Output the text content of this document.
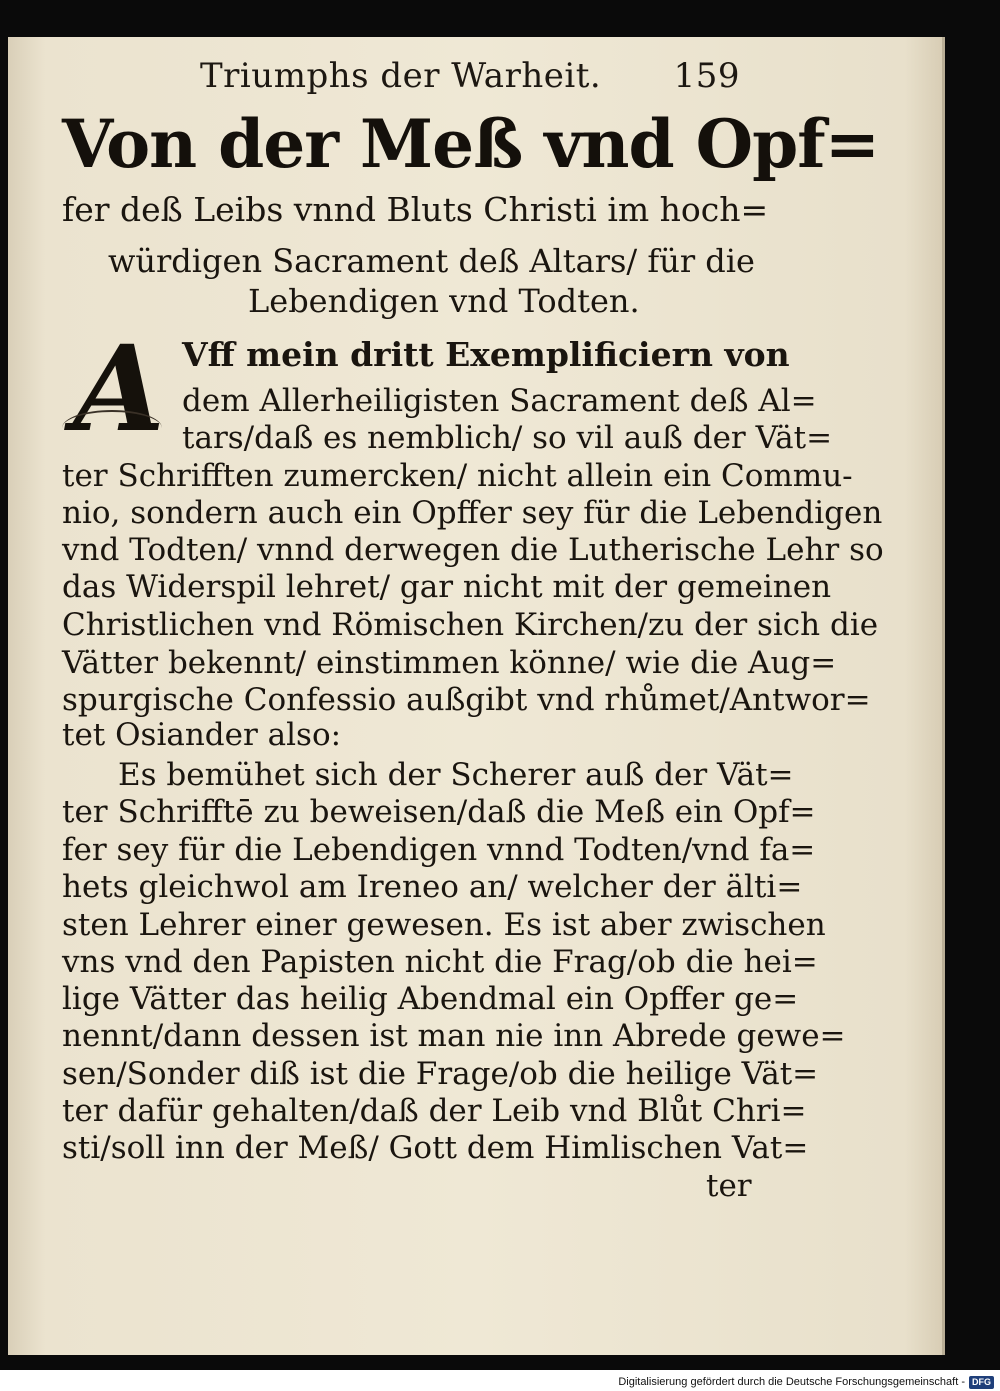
Triumphs der Warheit. 159
Von der Meß vnd Opf=
fer deß Leibs vnnd Bluts Christi im hoch=
würdigen Sacrament deß Altars/ für die
Lebendigen vnd Todten.
A Vff mein dritt Exemplificiern von
dem Allerheiligisten Sacrament deß Al=
tars/daß es nemblich/ so vil auß der Vät=
ter Schrifften zumercken/ nicht allein ein Commu-
nio, sondern auch ein Opffer sey für die Lebendigen
vnd Todten/ vnnd derwegen die Lutherische Lehr so
das Widerspil lehret/ gar nicht mit der gemeinen
Christlichen vnd Römischen Kirchen/zu der sich die
Vätter bekennt/ einstimmen könne/ wie die Aug=
spurgische Confessio außgibt vnd rhůmet/Antwor=
tet Osiander also:
Es bemühet sich der Scherer auß der Vät=
ter Schrifftē zu beweisen/daß die Meß ein Opf=
fer sey für die Lebendigen vnnd Todten/vnd fa=
hets gleichwol am Ireneo an/ welcher der älti=
sten Lehrer einer gewesen. Es ist aber zwischen
vns vnd den Papisten nicht die Frag/ob die hei=
lige Vätter das heilig Abendmal ein Opffer ge=
nennt/dann dessen ist man nie inn Abrede gewe=
sen/Sonder diß ist die Frage/ob die heilige Vät=
ter dafür gehalten/daß der Leib vnd Blůt Chri=
sti/soll inn der Meß/ Gott dem Himlischen Vat=
ter
Digitalisierung gefördert durch die Deutsche Forschungsgemeinschaft - DFG
